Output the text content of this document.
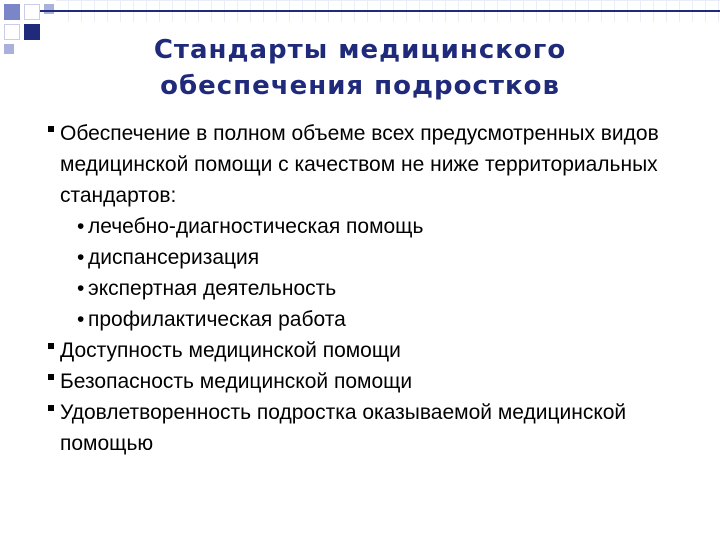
Стандарты медицинского
обеспечения подростков
Обеспечение в полном объеме всех предусмотренных видов медицинской помощи с качеством не ниже территориальных стандартов:
• лечебно-диагностическая помощь
• диспансеризация
• экспертная деятельность
• профилактическая работа
Доступность медицинской помощи
Безопасность медицинской помощи
Удовлетворенность подростка оказываемой медицинской помощью
